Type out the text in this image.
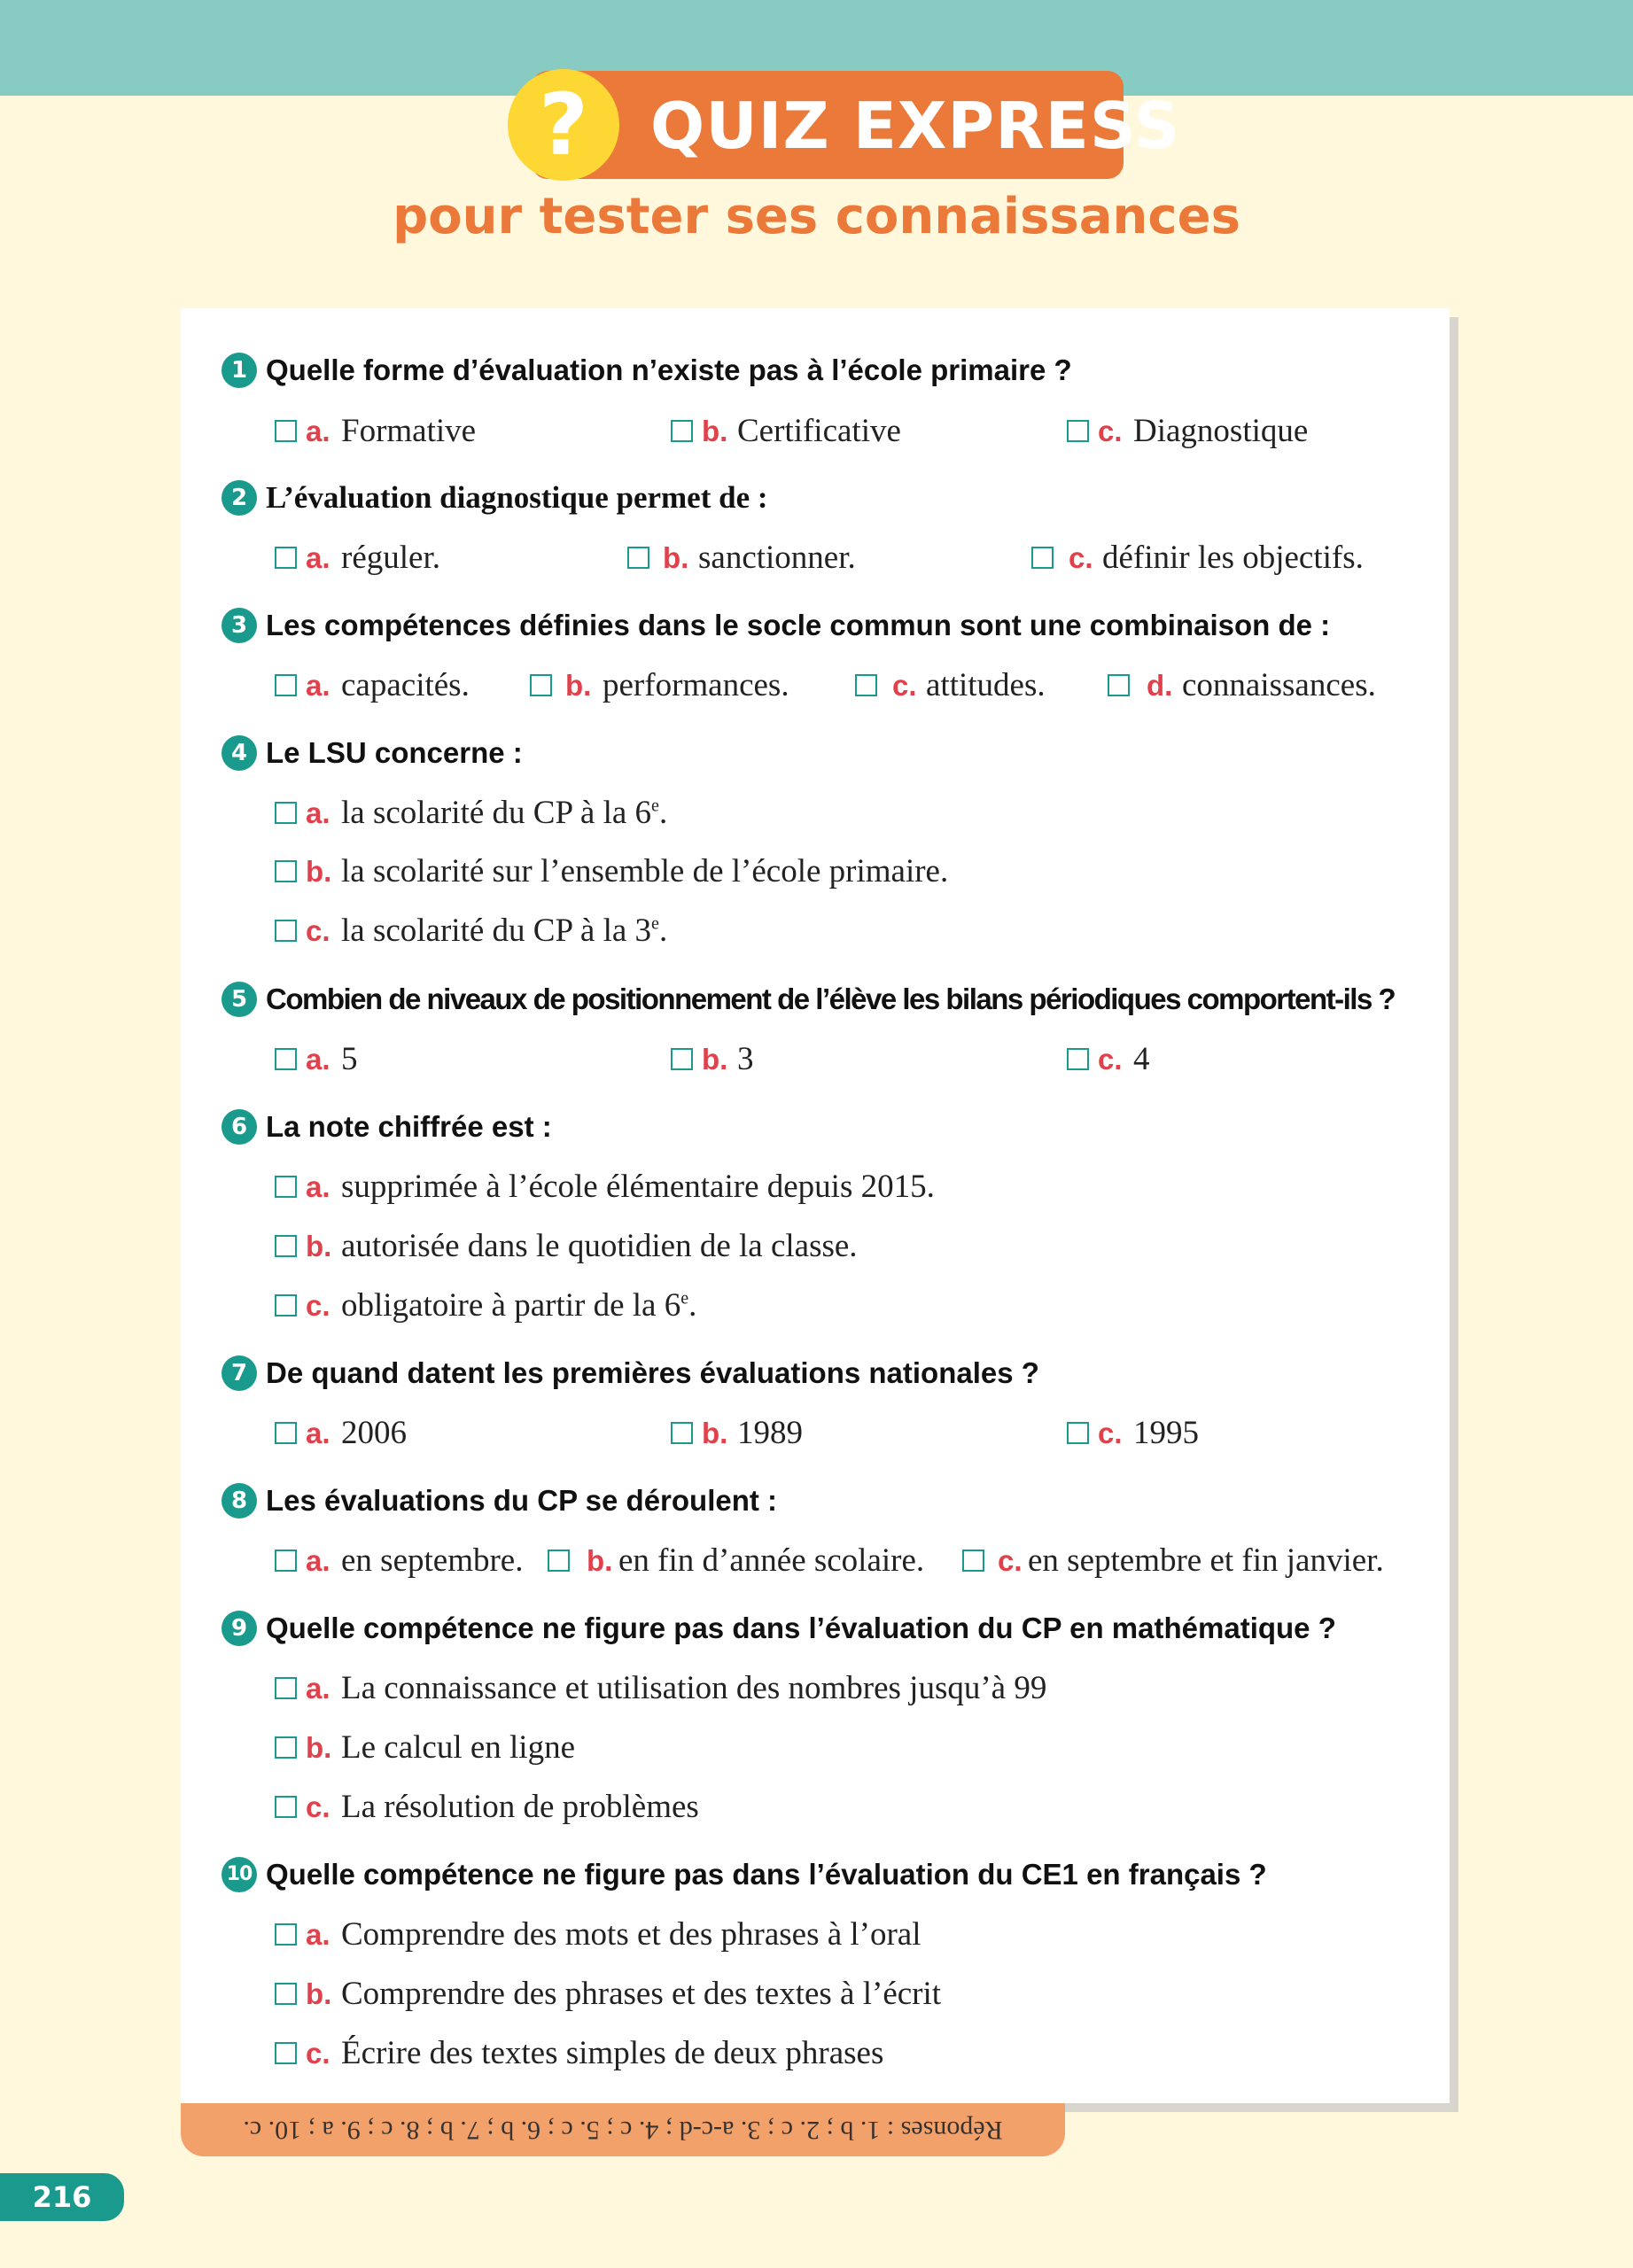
QUIZ EXPRESS
?
pour tester ses connaissances
1 Quelle forme d’évaluation n’existe pas à l’école primaire ?
a. Formative	b. Certificative	c. Diagnostique
2 L’évaluation diagnostique permet de :
a. réguler.	b. sanctionner.	c. définir les objectifs.
3 Les compétences définies dans le socle commun sont une combinaison de :
a. capacités.	b. performances.	c. attitudes.	d. connaissances.
4 Le LSU concerne :
a. la scolarité du CP à la 6e.
b. la scolarité sur l’ensemble de l’école primaire.
c. la scolarité du CP à la 3e.
5 Combien de niveaux de positionnement de l’élève les bilans périodiques comportent-ils ?
a. 5	b. 3	c. 4
6 La note chiffrée est :
a. supprimée à l’école élémentaire depuis 2015.
b. autorisée dans le quotidien de la classe.
c. obligatoire à partir de la 6e.
7 De quand datent les premières évaluations nationales ?
a. 2006	b. 1989	c. 1995
8 Les évaluations du CP se déroulent :
a. en septembre. b. en fin d’année scolaire.	c. en septembre et fin janvier.
9 Quelle compétence ne figure pas dans l’évaluation du CP en mathématique ?
a. La connaissance et utilisation des nombres jusqu’à 99
b. Le calcul en ligne
c. La résolution de problèmes
10 Quelle compétence ne figure pas dans l’évaluation du CE1 en français ?
a. Comprendre des mots et des phrases à l’oral
b. Comprendre des phrases et des textes à l’écrit
c. Écrire des textes simples de deux phrases
Réponses : 1. b ; 2. c ; 3. a-c-d ; 4. c ; 5. c ; 6. b ; 7. b ; 8. c ; 9. a ; 10. c.
216
